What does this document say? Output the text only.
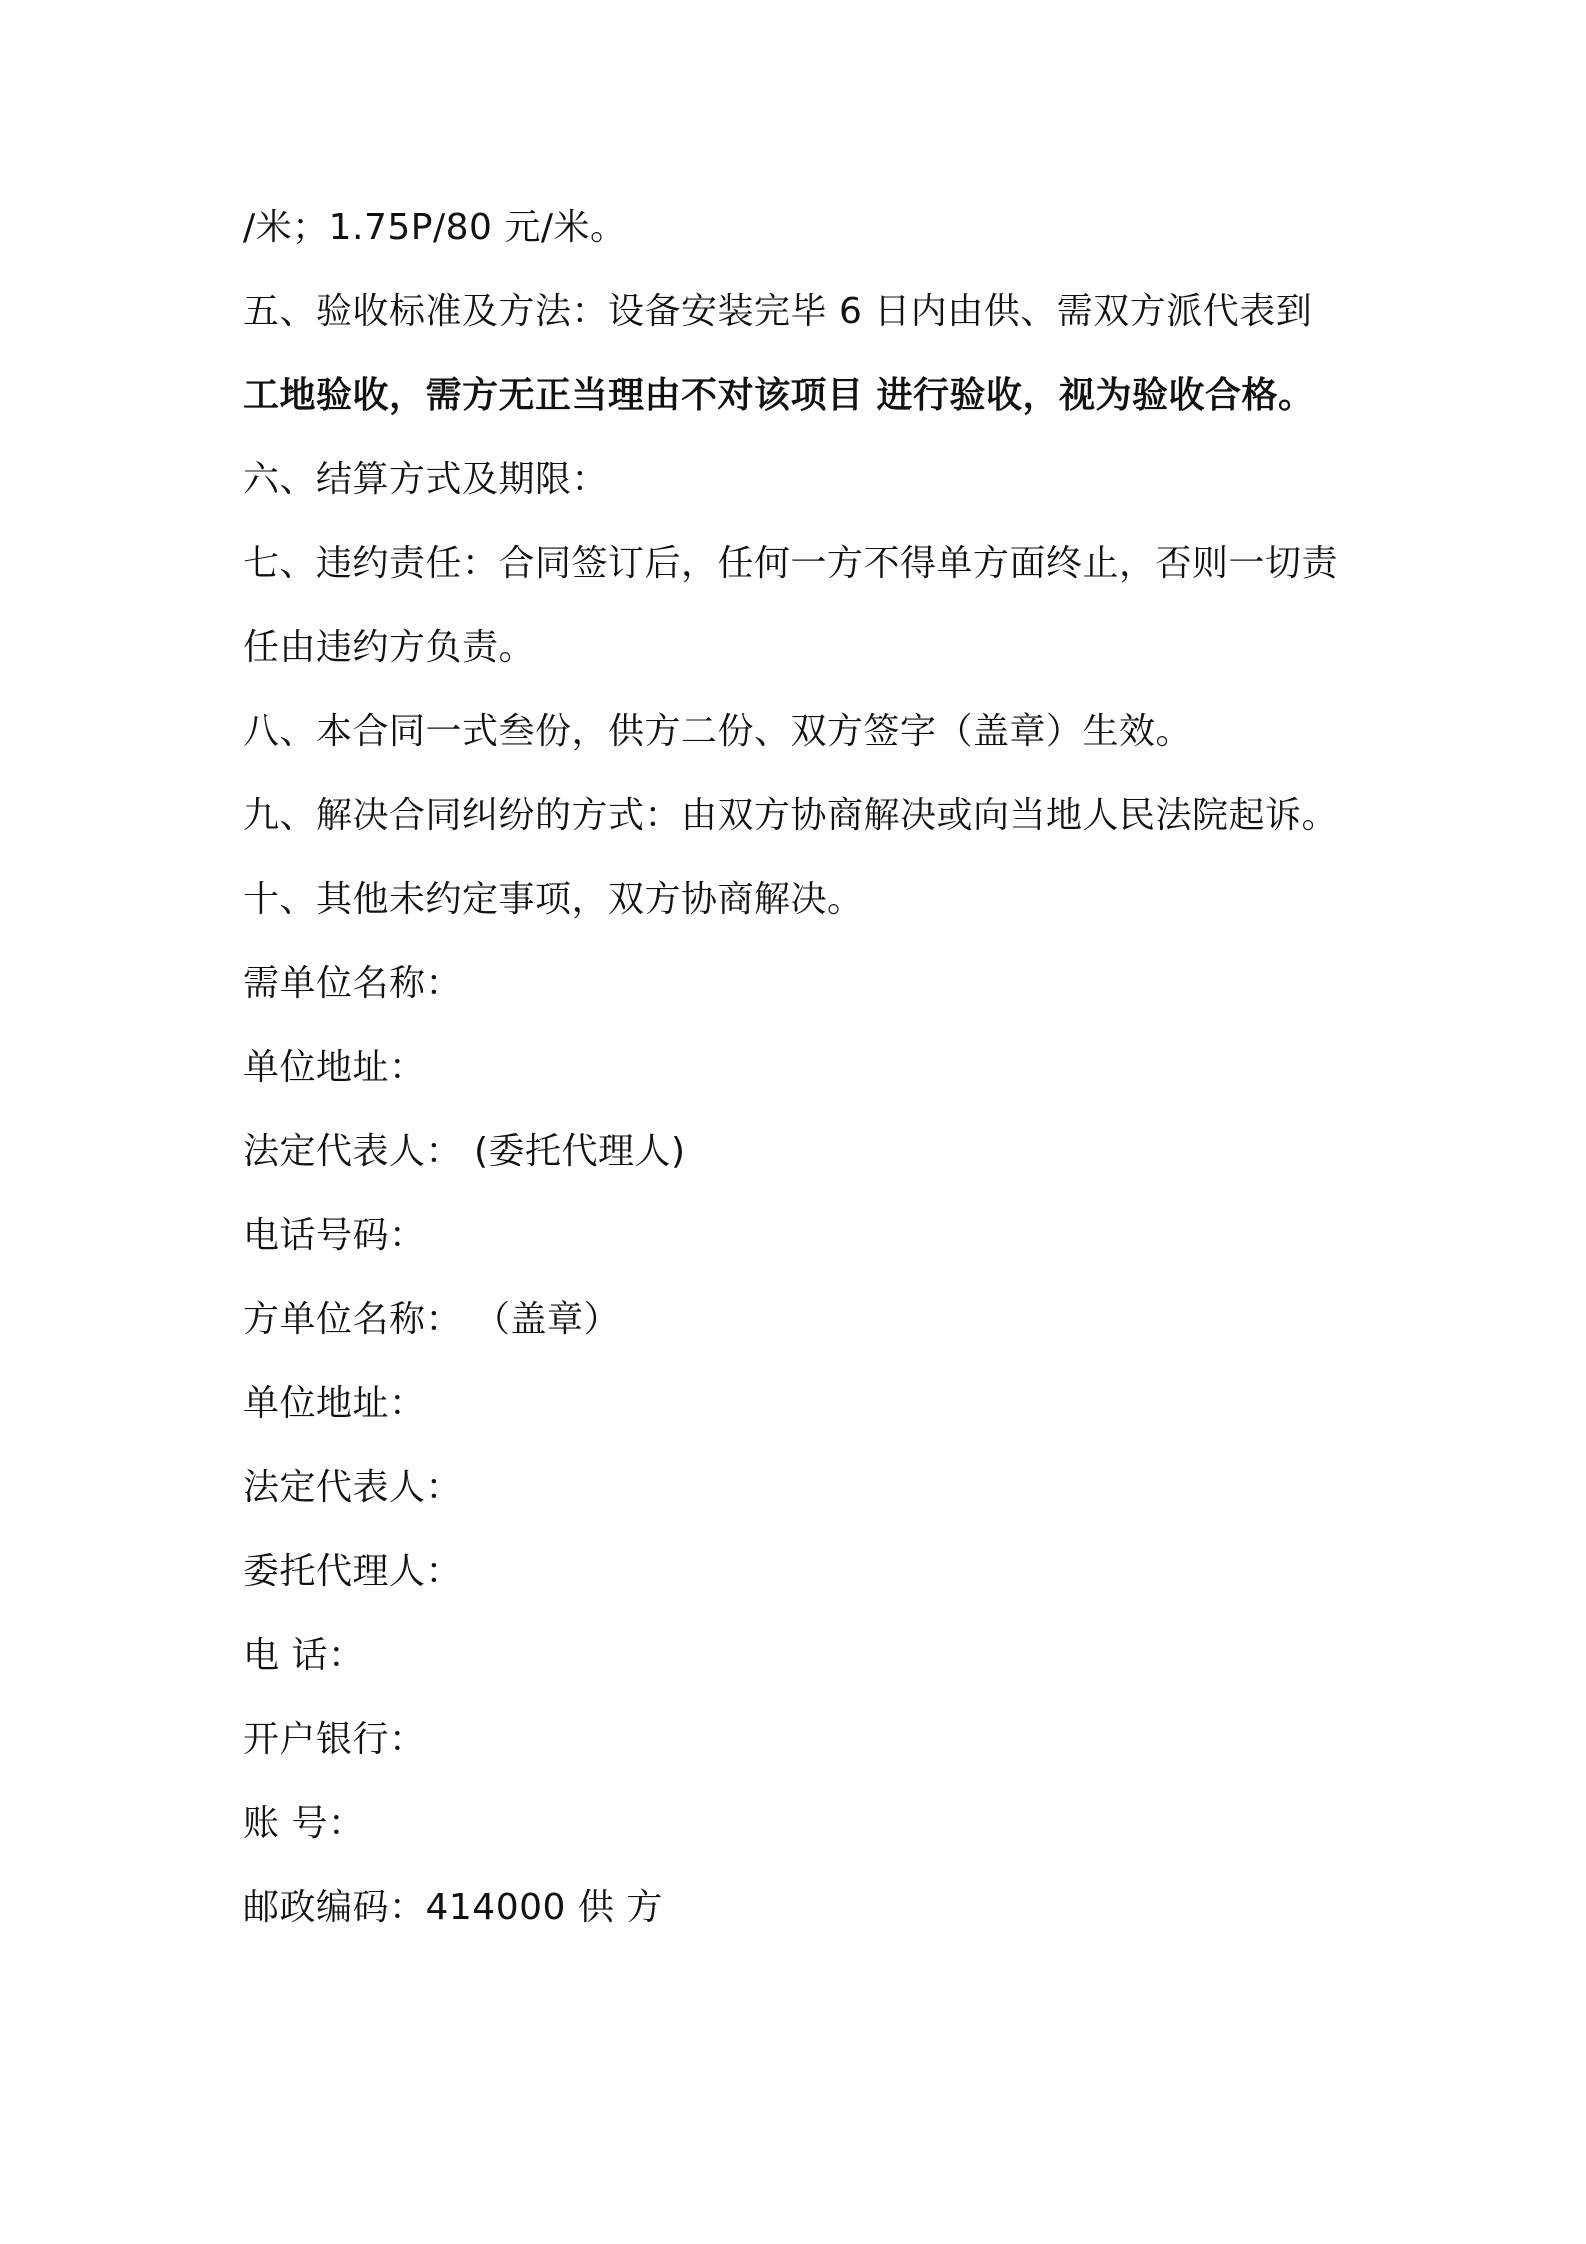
/米；1.75P/80 元/米。
五、验收标准及方法：设备安装完毕 6 日内由供、需双方派代表到
工地验收，需方无正当理由不对该项目 进行验收，视为验收合格。
六、结算方式及期限：
七、违约责任：合同签订后，任何一方不得单方面终止，否则一切责
任由违约方负责。
八、本合同一式叁份，供方二份、双方签字（盖章）生效。
九、解决合同纠纷的方式：由双方协商解决或向当地人民法院起诉。
十、其他未约定事项，双方协商解决。
需单位名称：
单位地址：
法定代表人： (委托代理人)
电话号码：
方单位名称： （盖章）
单位地址：
法定代表人：
委托代理人：
电 话：
开户银行：
账 号：
邮政编码：414000 供 方
